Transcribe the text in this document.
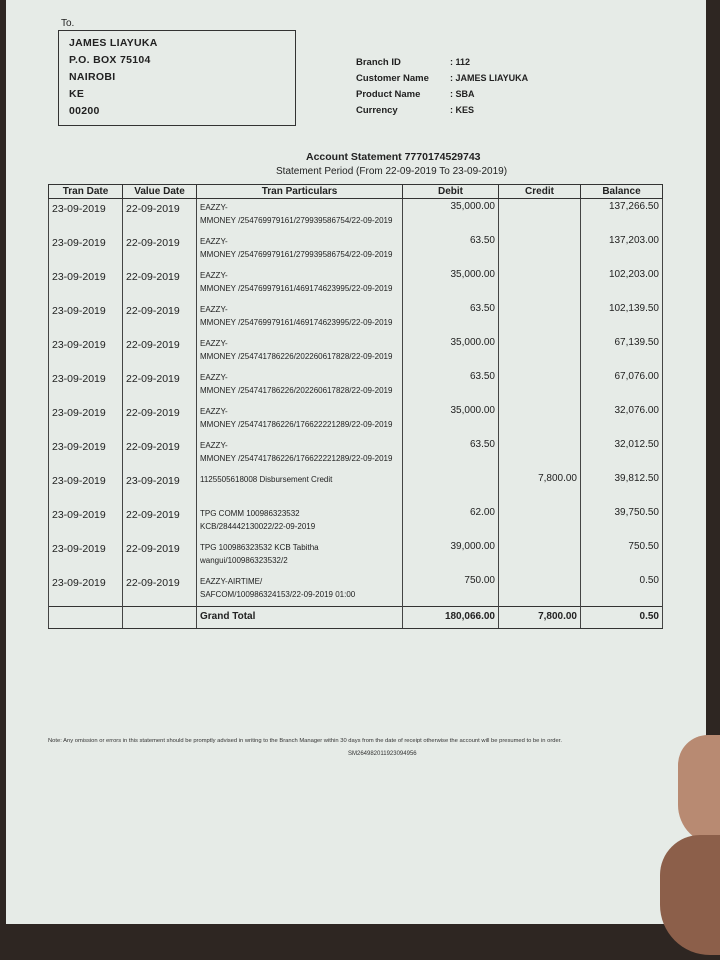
To.
JAMES LIAYUKA
P.O. BOX 75104
NAIROBI
KE
00200
Branch ID	: 112
Customer Name	: JAMES LIAYUKA
Product Name	: SBA
Currency	: KES
Account Statement 7770174529743
Statement Period (From 22-09-2019 To 23-09-2019)
Tran Date	Value Date	Tran Particulars	Debit	Credit	Balance
23-09-2019	22-09-2019	EAZZY-
MMONEY /254769979161/279939586754/22-09-2019	35,000.00		137,266.50
23-09-2019	22-09-2019	EAZZY-
MMONEY /254769979161/279939586754/22-09-2019	63.50		137,203.00
23-09-2019	22-09-2019	EAZZY-
MMONEY /254769979161/469174623995/22-09-2019	35,000.00		102,203.00
23-09-2019	22-09-2019	EAZZY-
MMONEY /254769979161/469174623995/22-09-2019	63.50		102,139.50
23-09-2019	22-09-2019	EAZZY-
MMONEY /254741786226/202260617828/22-09-2019	35,000.00		67,139.50
23-09-2019	22-09-2019	EAZZY-
MMONEY /254741786226/202260617828/22-09-2019	63.50		67,076.00
23-09-2019	22-09-2019	EAZZY-
MMONEY /254741786226/176622221289/22-09-2019	35,000.00		32,076.00
23-09-2019	22-09-2019	EAZZY-
MMONEY /254741786226/176622221289/22-09-2019	63.50		32,012.50
23-09-2019	23-09-2019	1125505618008 Disbursement Credit		7,800.00	39,812.50
23-09-2019	22-09-2019	TPG COMM 100986323532
KCB/284442130022/22-09-2019	62.00		39,750.50
23-09-2019	22-09-2019	TPG 100986323532 KCB Tabitha
wangui/100986323532/2	39,000.00		750.50
23-09-2019	22-09-2019	EAZZY-AIRTIME/
SAFCOM/100986324153/22-09-2019 01:00	750.00		0.50
		Grand Total	180,066.00	7,800.00	0.50
Note: Any omission or errors in this statement should be promptly advised in writing to the Branch Manager within 30 days from the date of receipt otherwise the account will be presumed to be in order.
SM264982011923094956
